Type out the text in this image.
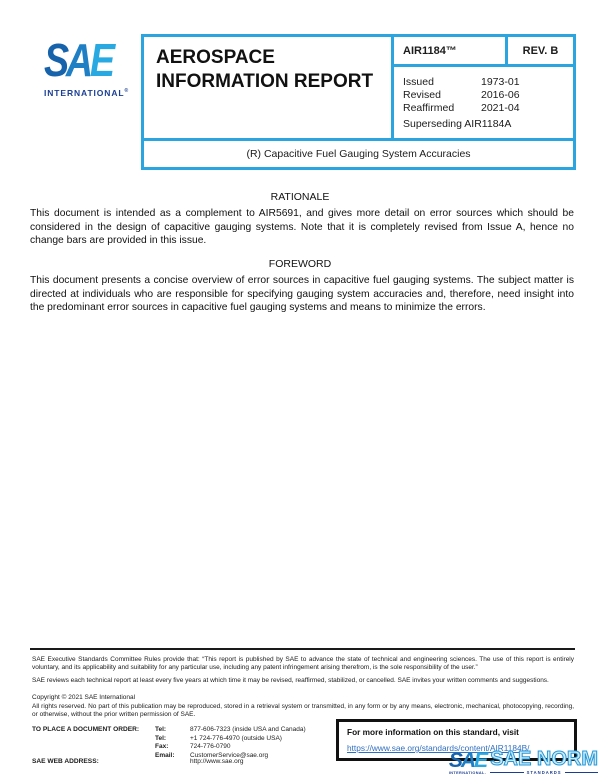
SAE
INTERNATIONAL®
AEROSPACE INFORMATION REPORT
AIR1184™	REV. B
Issued	1973-01
Revised	2016-06
Reaffirmed	2021-04
Superseding AIR1184A
(R) Capacitive Fuel Gauging System Accuracies
RATIONALE
This document is intended as a complement to AIR5691, and gives more detail on error sources which should be considered in the design of capacitive gauging systems. Note that it is completely revised from Issue A, hence no change bars are provided in this issue.
FOREWORD
This document presents a concise overview of error sources in capacitive fuel gauging systems. The subject matter is directed at individuals who are responsible for specifying gauging system accuracies and, therefore, need insight into the predominant error sources in capacitive fuel gauging systems and means to minimize the errors.
SAE Executive Standards Committee Rules provide that: “This report is published by SAE to advance the state of technical and engineering sciences. The use of this report is entirely voluntary, and its applicability and suitability for any particular use, including any patent infringement arising therefrom, is the sole responsibility of the user.”
SAE reviews each technical report at least every five years at which time it may be revised, reaffirmed, stabilized, or cancelled. SAE invites your written comments and suggestions.
Copyright © 2021 SAE International
All rights reserved. No part of this publication may be reproduced, stored in a retrieval system or transmitted, in any form or by any means, electronic, mechanical, photocopying, recording, or otherwise, without the prior written permission of SAE.
TO PLACE A DOCUMENT ORDER: Tel:	877-606-7323 (inside USA and Canada)
Tel:	+1 724-776-4970 (outside USA)
Fax:	724-776-0790
Email:	CustomerService@sae.org
SAE WEB ADDRESS:	http://www.sae.org
For more information on this standard, visit
https://www.sae.org/standards/content/AIR1184B/
SAE
INTERNATIONAL.
SAE NORM
STANDARDS
